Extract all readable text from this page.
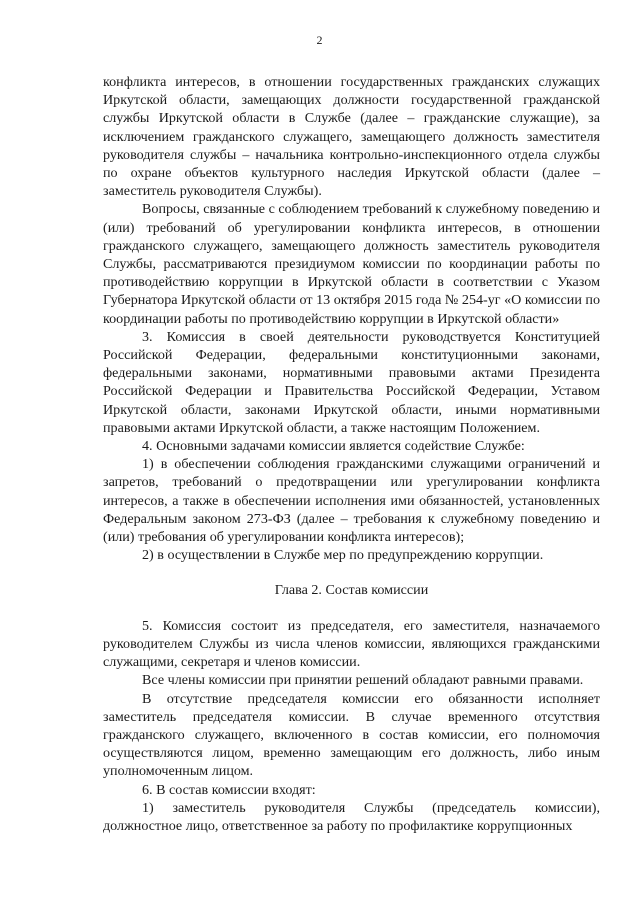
2

конфликта интересов, в отношении государственных гражданских служащих Иркутской области, замещающих должности государственной гражданской службы Иркутской области в Службе (далее – гражданские служащие), за исключением гражданского служащего, замещающего должность заместителя руководителя службы – начальника контрольно-инспекционного отдела службы по охране объектов культурного наследия Иркутской области (далее – заместитель руководителя Службы).

Вопросы, связанные с соблюдением требований к служебному поведению и (или) требований об урегулировании конфликта интересов, в отношении гражданского служащего, замещающего должность заместитель руководителя Службы, рассматриваются президиумом комиссии по координации работы по противодействию коррупции в Иркутской области в соответствии с Указом Губернатора Иркутской области от 13 октября 2015 года № 254-уг «О комиссии по координации работы по противодействию коррупции в Иркутской области»

3. Комиссия в своей деятельности руководствуется Конституцией Российской Федерации, федеральными конституционными законами, федеральными законами, нормативными правовыми актами Президента Российской Федерации и Правительства Российской Федерации, Уставом Иркутской области, законами Иркутской области, иными нормативными правовыми актами Иркутской области, а также настоящим Положением.

4. Основными задачами комиссии является содействие Службе:

1) в обеспечении соблюдения гражданскими служащими ограничений и запретов, требований о предотвращении или урегулировании конфликта интересов, а также в обеспечении исполнения ими обязанностей, установленных Федеральным законом 273-ФЗ (далее – требования к служебному поведению и (или) требования об урегулировании конфликта интересов);

2) в осуществлении в Службе мер по предупреждению коррупции.

Глава 2. Состав комиссии

5. Комиссия состоит из председателя, его заместителя, назначаемого руководителем Службы из числа членов комиссии, являющихся гражданскими служащими, секретаря и членов комиссии.

Все члены комиссии при принятии решений обладают равными правами.

В отсутствие председателя комиссии его обязанности исполняет заместитель председателя комиссии. В случае временного отсутствия гражданского служащего, включенного в состав комиссии, его полномочия осуществляются лицом, временно замещающим его должность, либо иным уполномоченным лицом.

6. В состав комиссии входят:

1) заместитель руководителя Службы (председатель комиссии), должностное лицо, ответственное за работу по профилактике коррупционных
